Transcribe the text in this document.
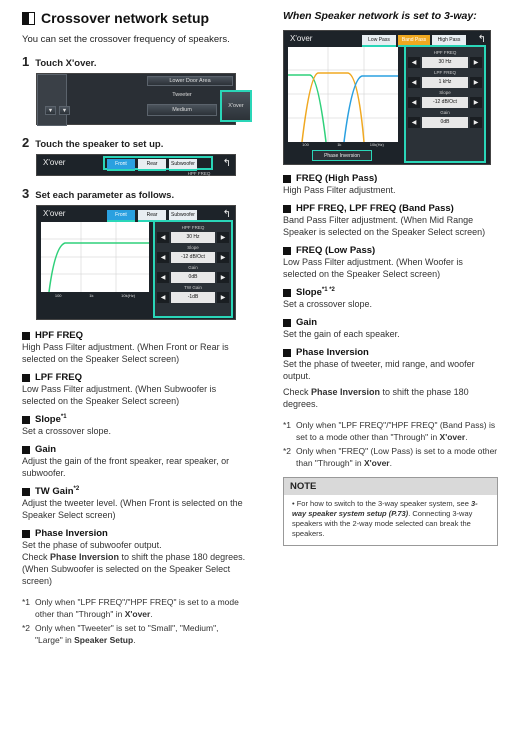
Crossover network setup

You can set the crossover frequency of speakers.

1 Touch X'over.
▼	▼
Lower Door Area
Tweeter
Medium
X'over
2 Touch the speaker to set up.
X'over	Front	Rear	Subwoofer	↰
HPF FREQ
3 Set each parameter as follows.
X'over	Front	Rear	Subwoofer	↰
100	1k	10k(Hz)
HPF FREQ
◀	30 Hz	▶
Slope
◀	-12 dB/Oct	▶
Gain
◀	0dB	▶
TW Gain
◀	-1dB	▶
HPF FREQ
High Pass Filter adjustment. (When Front or Rear is selected on the Speaker Select screen)
LPF FREQ
Low Pass Filter adjustment. (When Subwoofer is selected on the Speaker Select screen)
Slope$^{*1}$
Set a crossover slope.
Gain
Adjust the gain of the front speaker, rear speaker, or subwoofer.
TW Gain$^{*2}$
Adjust the tweeter level. (When Front is selected on the Speaker Select screen)
Phase Inversion
Set the phase of subwoofer output.
Check Phase Inversion to shift the phase 180 degrees. (When Subwoofer is selected on the Speaker Select screen)
*1 Only when "LPF FREQ"/"HPF FREQ" is set to a mode other than "Through" in X'over.
*2 Only when "Tweeter" is set to "Small", "Medium", "Large" in Speaker Setup.
When Speaker network is set to 3-way:
X'over	Low Pass	Band Pass	High Pass	↰
100	1k	10k(Hz)
Phase Inversion
HPF FREQ
◀	30 Hz	▶
LPF FREQ
◀	1 kHz	▶
Slope
◀	-12 dB/Oct	▶
Gain
◀	0dB	▶
FREQ (High Pass)
High Pass Filter adjustment.
HPF FREQ, LPF FREQ (Band Pass)
Band Pass Filter adjustment. (When Mid Range Speaker is selected on the Speaker Select screen)
FREQ (Low Pass)
Low Pass Filter adjustment. (When Woofer is selected on the Speaker Select screen)
Slope$^{*1 *2}$
Set a crossover slope.
Gain
Set the gain of each speaker.
Phase Inversion
Set the phase of tweeter, mid range, and woofer output.
Check Phase Inversion to shift the phase 180 degrees.
*1 Only when "LPF FREQ"/"HPF FREQ" (Band Pass) is set to a mode other than "Through" in X'over.
*2 Only when "FREQ" (Low Pass) is set to a mode other than "Through" in X'over.
NOTE
• For how to switch to the 3-way speaker system, see 3-way speaker system setup (P.73). Connecting 3-way speakers with the 2-way mode selected can break the speakers.
